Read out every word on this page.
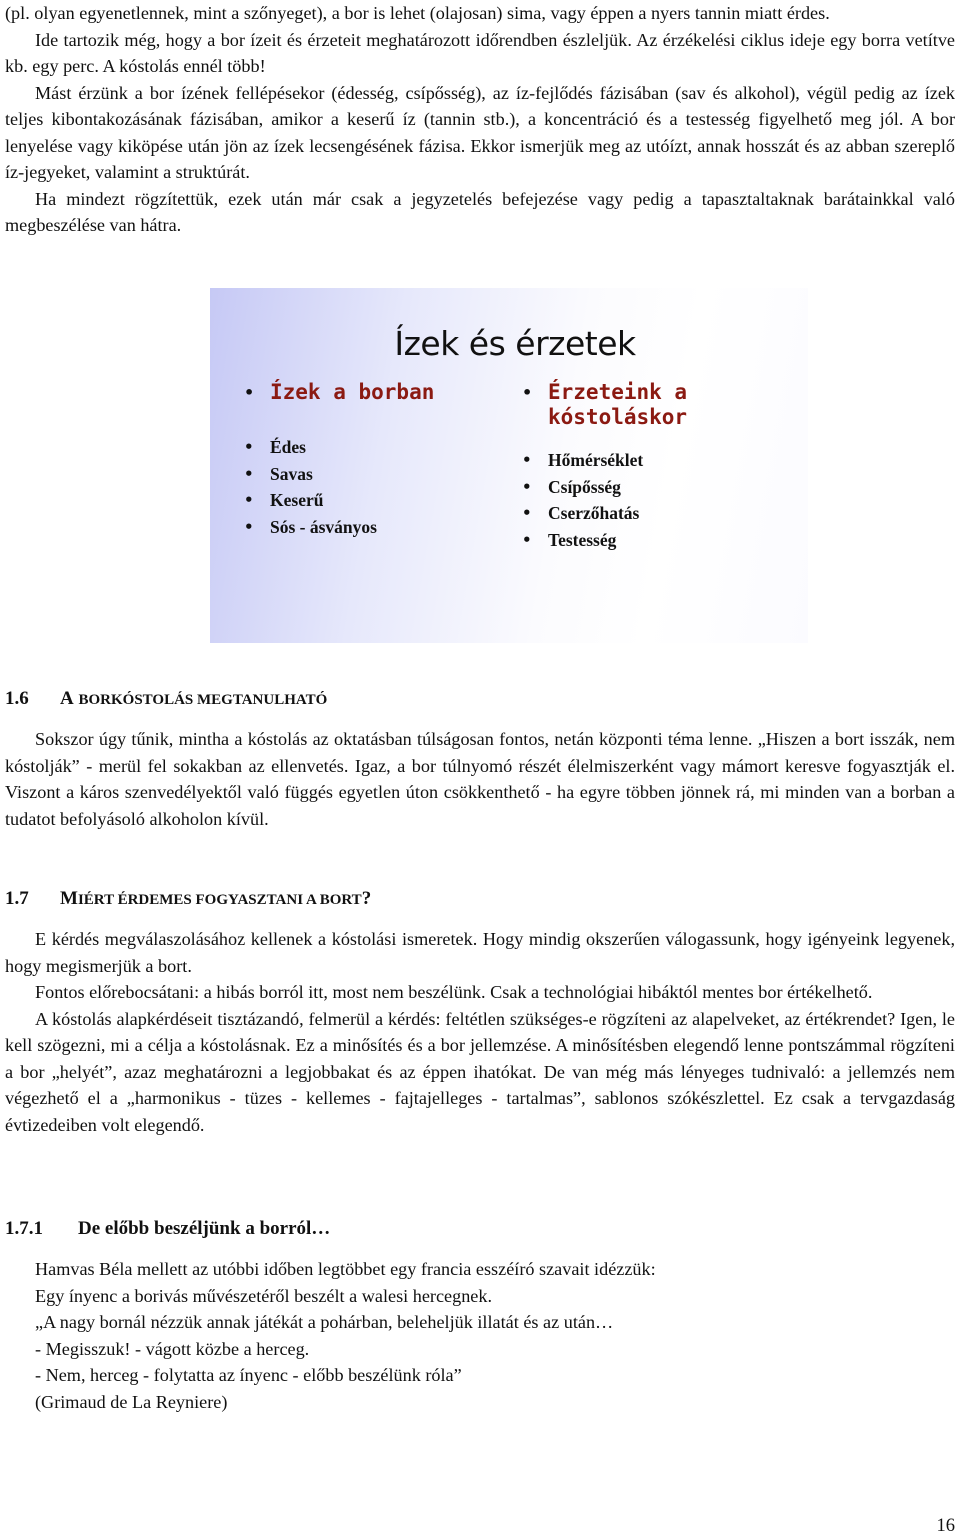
(pl. olyan egyenetlennek, mint a szőnyeget), a bor is lehet (olajosan) sima, vagy éppen a nyers tannin miatt érdes.

Ide tartozik még, hogy a bor ízeit és érzeteit meghatározott időrendben észleljük. Az érzékelési ciklus ideje egy borra vetítve kb. egy perc. A kóstolás ennél több!

Mást érzünk a bor ízének fellépésekor (édesség, csípősség), az íz-fejlődés fázisában (sav és alkohol), végül pedig az ízek teljes kibontakozásának fázisában, amikor a keserű íz (tannin stb.), a koncentráció és a testesség figyelhető meg jól. A bor lenyelése vagy kiköpése után jön az ízek lecsengésének fázisa. Ekkor ismerjük meg az utóízt, annak hosszát és az abban szereplő íz-jegyeket, valamint a struktúrát.

Ha mindezt rögzítettük, ezek után már csak a jegyzetelés befejezése vagy pedig a tapasztaltaknak barátainkkal való megbeszélése van hátra.

Ízek és érzetek
• Ízek a borban
• Édes
• Savas
• Keserű
• Sós - ásványos
• Érzeteink a kóstoláskor
• Hőmérséklet
• Csípősség
• Cserzőhatás
• Testesség
1.6 A BORKÓSTOLÁS MEGTANULHATÓ

Sokszor úgy tűnik, mintha a kóstolás az oktatásban túlságosan fontos, netán központi téma lenne. „Hiszen a bort isszák, nem kóstolják” - merül fel sokakban az ellenvetés. Igaz, a bor túlnyomó részét élelmiszerként vagy mámort keresve fogyasztják el. Viszont a káros szenvedélyektől való függés egyetlen úton csökkenthető - ha egyre többen jönnek rá, mi minden van a borban a tudatot befolyásoló alkoholon kívül.

1.7 MIÉRT ÉRDEMES FOGYASZTANI A BORT?

E kérdés megválaszolásához kellenek a kóstolási ismeretek. Hogy mindig okszerűen válogassunk, hogy igényeink legyenek, hogy megismerjük a bort.

Fontos előrebocsátani: a hibás borról itt, most nem beszélünk. Csak a technológiai hibáktól mentes bor értékelhető.

A kóstolás alapkérdéseit tisztázandó, felmerül a kérdés: feltétlen szükséges-e rögzíteni az alapelveket, az értékrendet? Igen, le kell szögezni, mi a célja a kóstolásnak. Ez a minősítés és a bor jellemzése. A minősítésben elegendő lenne pontszámmal rögzíteni a bor „helyét”, azaz meghatározni a legjobbakat és az éppen ihatókat. De van még más lényeges tudnivaló: a jellemzés nem végezhető el a „harmonikus - tüzes - kellemes - fajtajelleges - tartalmas”, sablonos szókészlettel. Ez csak a tervgazdaság évtizedeiben volt elegendő.

1.7.1 De előbb beszéljünk a borról…

Hamvas Béla mellett az utóbbi időben legtöbbet egy francia esszéíró szavait idézzük:

Egy ínyenc a borivás művészetéről beszélt a walesi hercegnek.

„A nagy bornál nézzük annak játékát a pohárban, beleheljük illatát és az után…

- Megisszuk! - vágott közbe a herceg.

- Nem, herceg - folytatta az ínyenc - előbb beszélünk róla”

(Grimaud de La Reyniere)

16
